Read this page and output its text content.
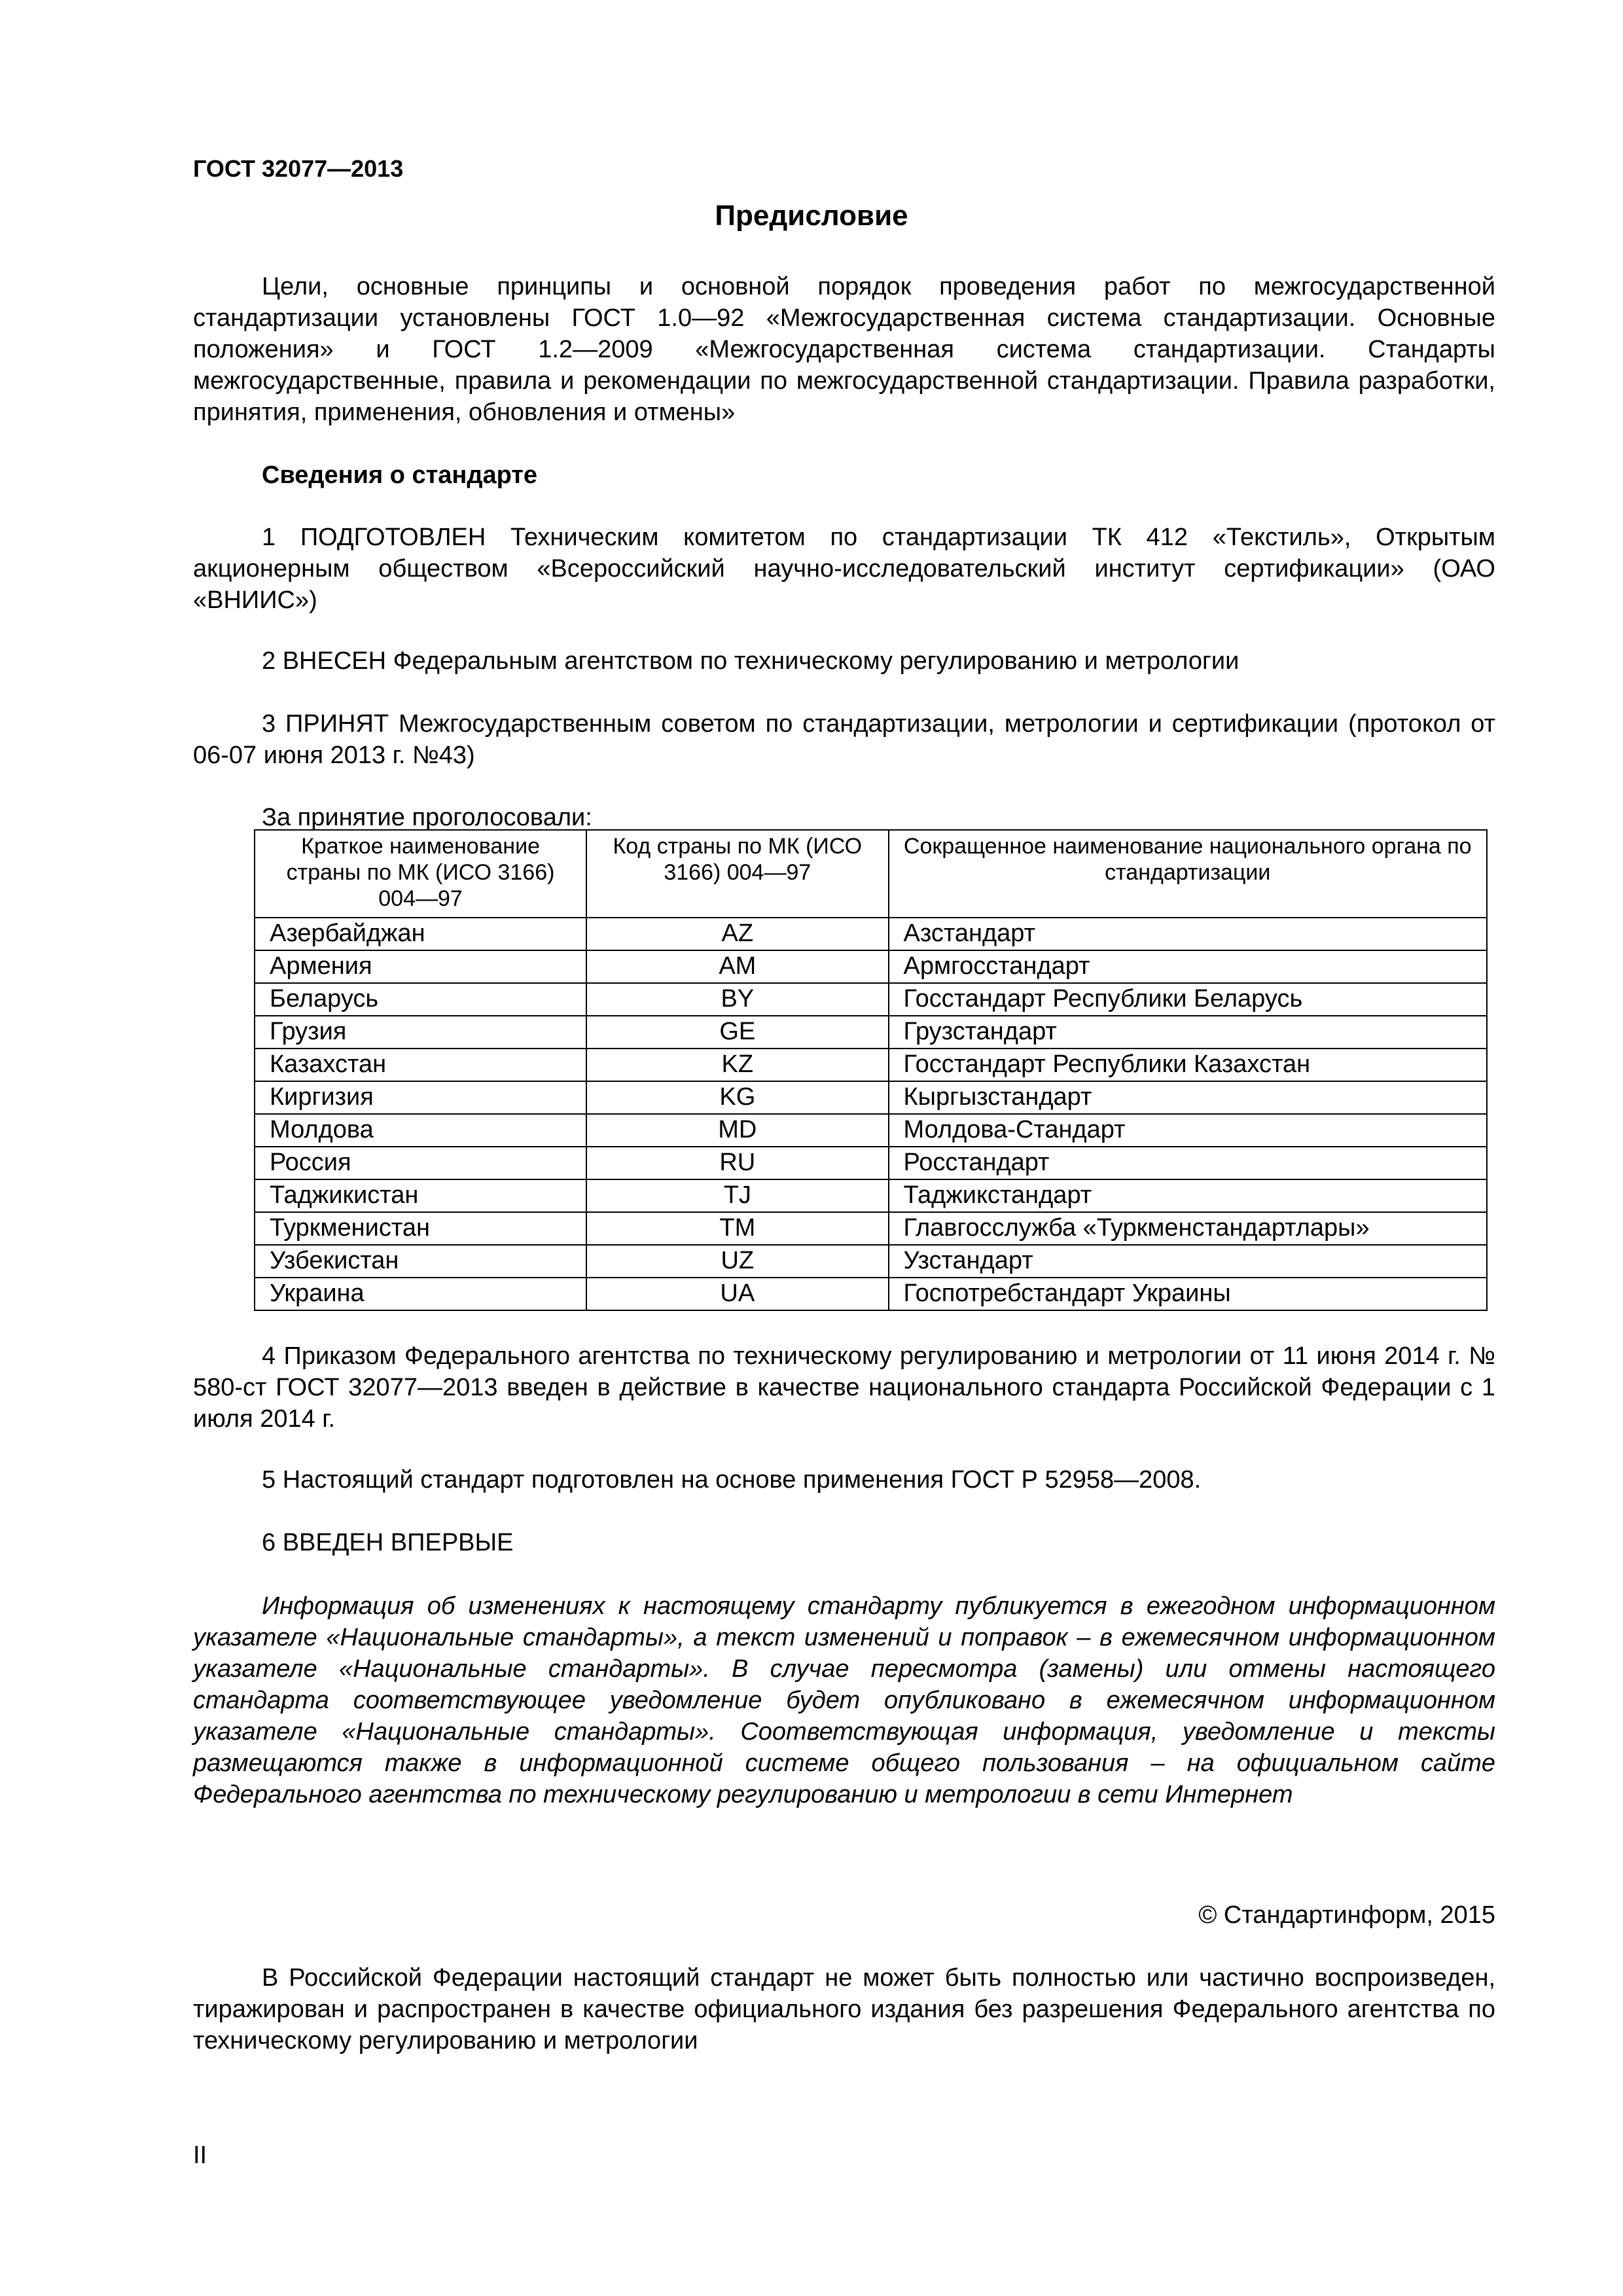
ГОСТ 32077—2013
Предисловие
Цели, основные принципы и основной порядок проведения работ по межгосударственной стандартизации установлены ГОСТ 1.0—92 «Межгосударственная система стандартизации. Основные положения» и ГОСТ 1.2—2009 «Межгосударственная система стандартизации. Стандарты межгосударственные, правила и рекомендации по межгосударственной стандартизации. Правила разработки, принятия, применения, обновления и отмены»
Сведения о стандарте
1 ПОДГОТОВЛЕН Техническим комитетом по стандартизации ТК 412 «Текстиль», Открытым акционерным обществом «Всероссийский научно-исследовательский институт сертификации» (ОАО «ВНИИС»)
2 ВНЕСЕН Федеральным агентством по техническому регулированию и метрологии
3 ПРИНЯТ Межгосударственным советом по стандартизации, метрологии и сертификации (протокол от 06-07 июня 2013 г. №43)
За принятие проголосовали:
Краткое наименование страны по МК (ИСО 3166) 004—97	Код страны по МК (ИСО 3166) 004—97	Сокращенное наименование национального органа по стандартизации
Азербайджан	AZ	Азстандарт
Армения	AM	Армгосстандарт
Беларусь	BY	Госстандарт Республики Беларусь
Грузия	GE	Грузстандарт
Казахстан	KZ	Госстандарт Республики Казахстан
Киргизия	KG	Кыргызстандарт
Молдова	MD	Молдова-Стандарт
Россия	RU	Росстандарт
Таджикистан	TJ	Таджикстандарт
Туркменистан	TM	Главгосслужба «Туркменстандартлары»
Узбекистан	UZ	Узстандарт
Украина	UA	Госпотребстандарт Украины
4 Приказом Федерального агентства по техническому регулированию и метрологии от 11 июня 2014 г. № 580-ст ГОСТ 32077—2013 введен в действие в качестве национального стандарта Российской Федерации с 1 июля 2014 г.
5 Настоящий стандарт подготовлен на основе применения ГОСТ Р 52958—2008.
6 ВВЕДЕН ВПЕРВЫЕ
Информация об изменениях к настоящему стандарту публикуется в ежегодном информационном указателе «Национальные стандарты», а текст изменений и поправок – в ежемесячном информационном указателе «Национальные стандарты». В случае пересмотра (замены) или отмены настоящего стандарта соответствующее уведомление будет опубликовано в ежемесячном информационном указателе «Национальные стандарты». Соответствующая информация, уведомление и тексты размещаются также в информационной системе общего пользования – на официальном сайте Федерального агентства по техническому регулированию и метрологии в сети Интернет
© Стандартинформ, 2015
В Российской Федерации настоящий стандарт не может быть полностью или частично воспроизведен, тиражирован и распространен в качестве официального издания без разрешения Федерального агентства по техническому регулированию и метрологии
II
